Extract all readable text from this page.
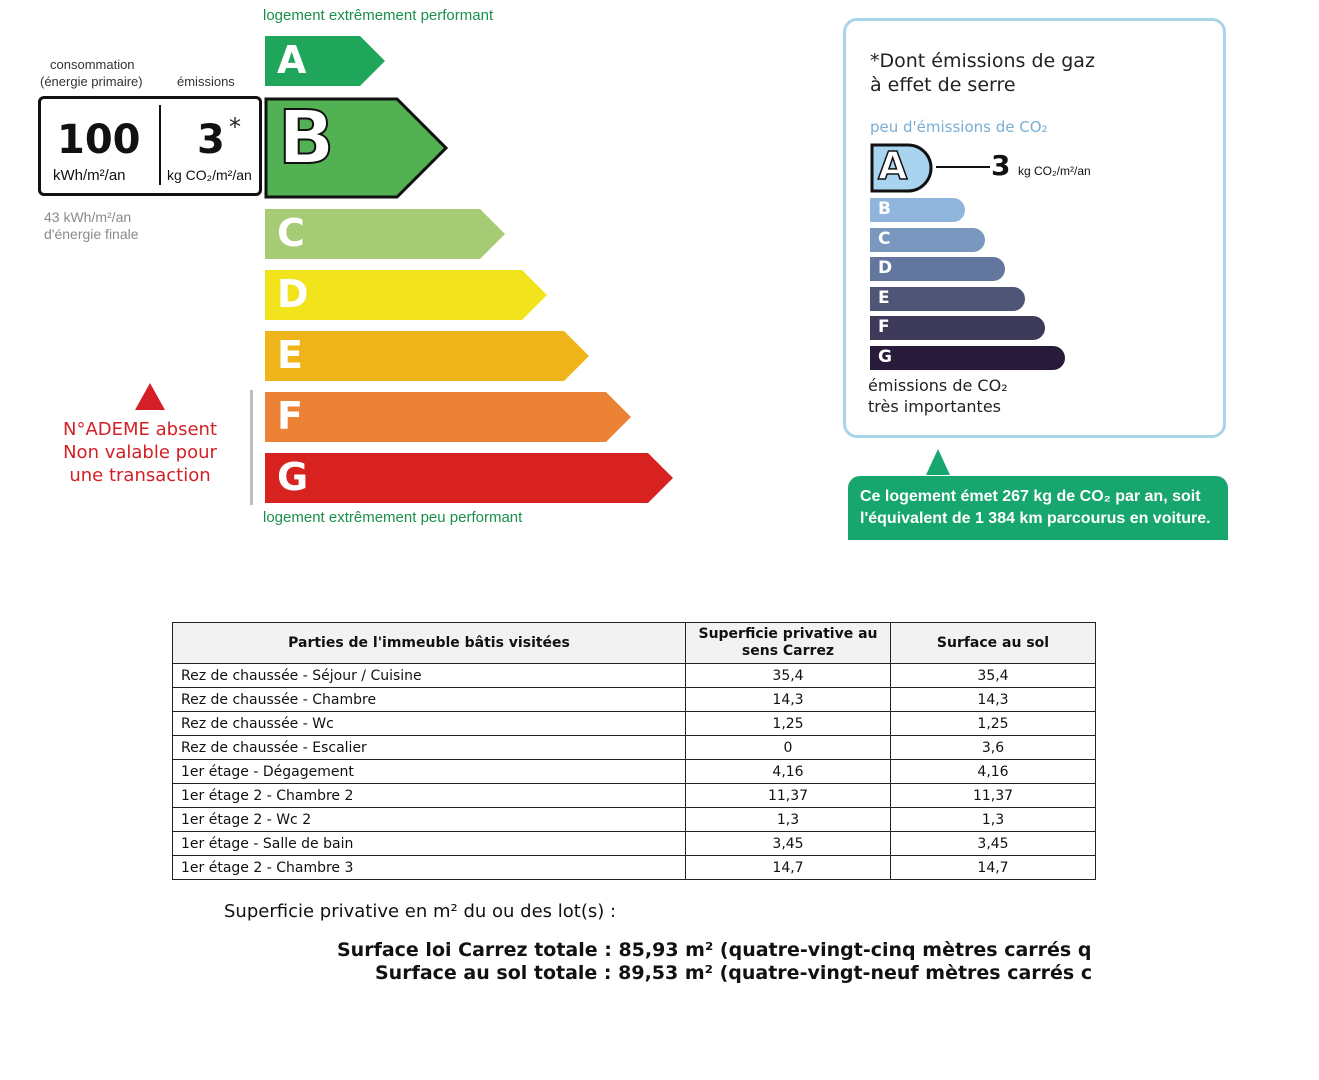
logement extrêmement performant
consommation
(énergie primaire)	émissions
100
kWh/m²/an
3 *
kg CO₂/m²/an
43 kWh/m²/an
d'énergie finale
A
B
C
D
E
F
G
logement extrêmement peu performant
N°ADEME absent
Non valable pour
une transaction
*Dont émissions de gaz
à effet de serre
peu d'émissions de CO₂
A	3 kg CO₂/m²/an
B
C
D
E
F
G
émissions de CO₂
très importantes
Ce logement émet 267 kg de CO₂ par an, soit l'équivalent de 1 384 km parcourus en voiture.
Parties de l'immeuble bâtis visitées	Superficie privative au sens Carrez	Surface au sol
Rez de chaussée - Séjour / Cuisine	35,4	35,4
Rez de chaussée - Chambre	14,3	14,3
Rez de chaussée - Wc	1,25	1,25
Rez de chaussée - Escalier	0	3,6
1er étage - Dégagement	4,16	4,16
1er étage 2 - Chambre 2	11,37	11,37
1er étage 2 - Wc 2	1,3	1,3
1er étage - Salle de bain	3,45	3,45
1er étage 2 - Chambre 3	14,7	14,7
Superficie privative en m² du ou des lot(s) :
Surface loi Carrez totale : 85,93 m² (quatre-vingt-cinq mètres carrés q
Surface au sol totale : 89,53 m² (quatre-vingt-neuf mètres carrés c
